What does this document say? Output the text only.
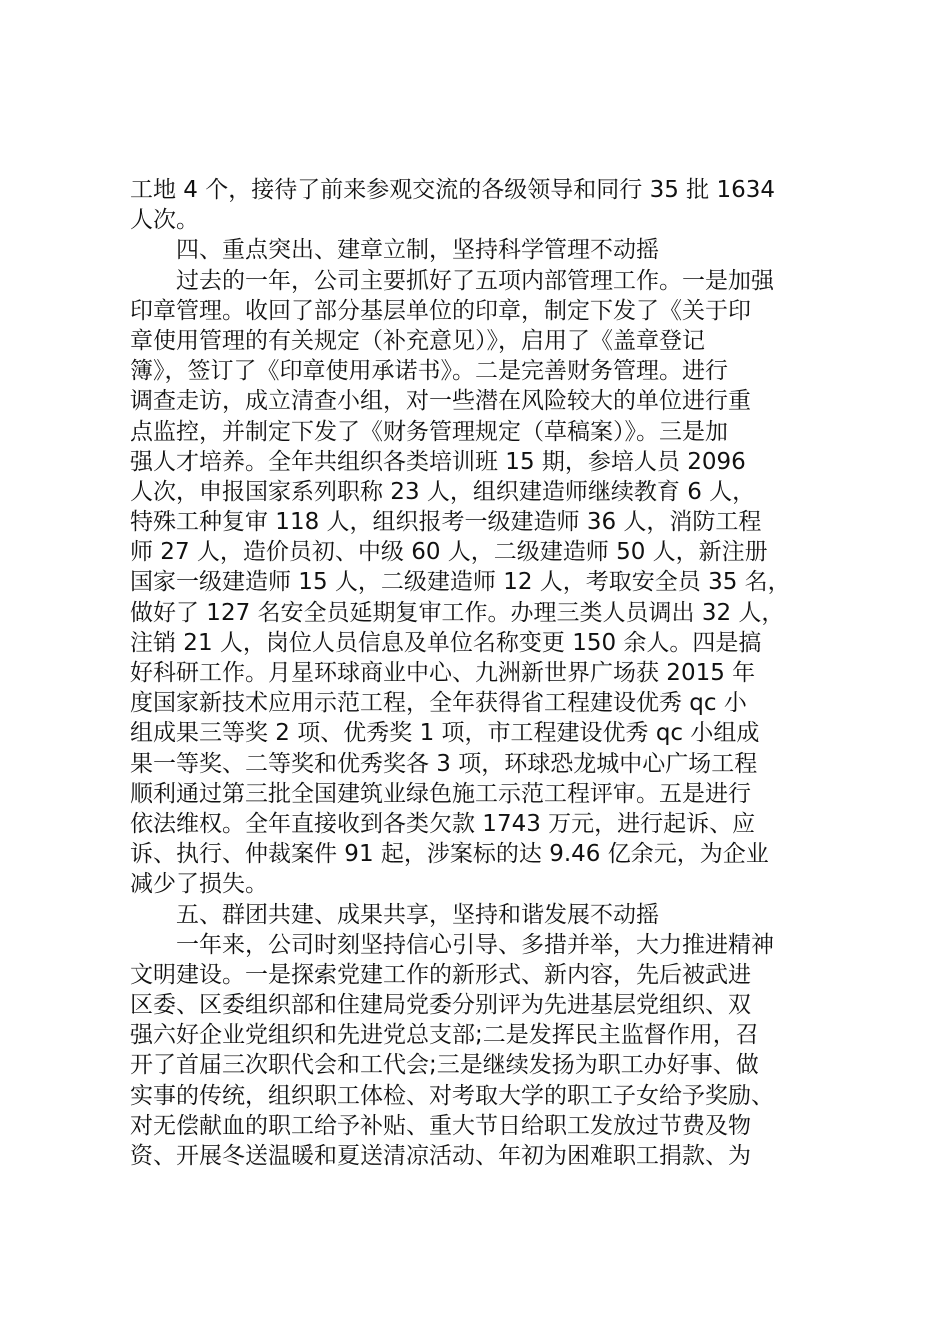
工地 4 个，接待了前来参观交流的各级领导和同行 35 批 1634
人次。
　　四、重点突出、建章立制，坚持科学管理不动摇
　　过去的一年，公司主要抓好了五项内部管理工作。一是加强
印章管理。收回了部分基层单位的印章，制定下发了《关于印
章使用管理的有关规定（补充意见）》，启用了《盖章登记
簿》，签订了《印章使用承诺书》。二是完善财务管理。进行
调查走访，成立清查小组，对一些潜在风险较大的单位进行重
点监控，并制定下发了《财务管理规定（草稿案）》。三是加
强人才培养。全年共组织各类培训班 15 期，参培人员 2096
人次，申报国家系列职称 23 人，组织建造师继续教育 6 人，
特殊工种复审 118 人，组织报考一级建造师 36 人，消防工程
师 27 人，造价员初、中级 60 人，二级建造师 50 人，新注册
国家一级建造师 15 人，二级建造师 12 人，考取安全员 35 名，
做好了 127 名安全员延期复审工作。办理三类人员调出 32 人，
注销 21 人，岗位人员信息及单位名称变更 150 余人。四是搞
好科研工作。月星环球商业中心、九洲新世界广场获 2015 年
度国家新技术应用示范工程，全年获得省工程建设优秀 qc 小
组成果三等奖 2 项、优秀奖 1 项，市工程建设优秀 qc 小组成
果一等奖、二等奖和优秀奖各 3 项，环球恐龙城中心广场工程
顺利通过第三批全国建筑业绿色施工示范工程评审。五是进行
依法维权。全年直接收到各类欠款 1743 万元，进行起诉、应
诉、执行、仲裁案件 91 起，涉案标的达 9.46 亿余元，为企业
减少了损失。
　　五、群团共建、成果共享，坚持和谐发展不动摇
　　一年来，公司时刻坚持信心引导、多措并举，大力推进精神
文明建设。一是探索党建工作的新形式、新内容，先后被武进
区委、区委组织部和住建局党委分别评为先进基层党组织、双
强六好企业党组织和先进党总支部;二是发挥民主监督作用，召
开了首届三次职代会和工代会;三是继续发扬为职工办好事、做
实事的传统，组织职工体检、对考取大学的职工子女给予奖励、
对无偿献血的职工给予补贴、重大节日给职工发放过节费及物
资、开展冬送温暖和夏送清凉活动、年初为困难职工捐款、为
